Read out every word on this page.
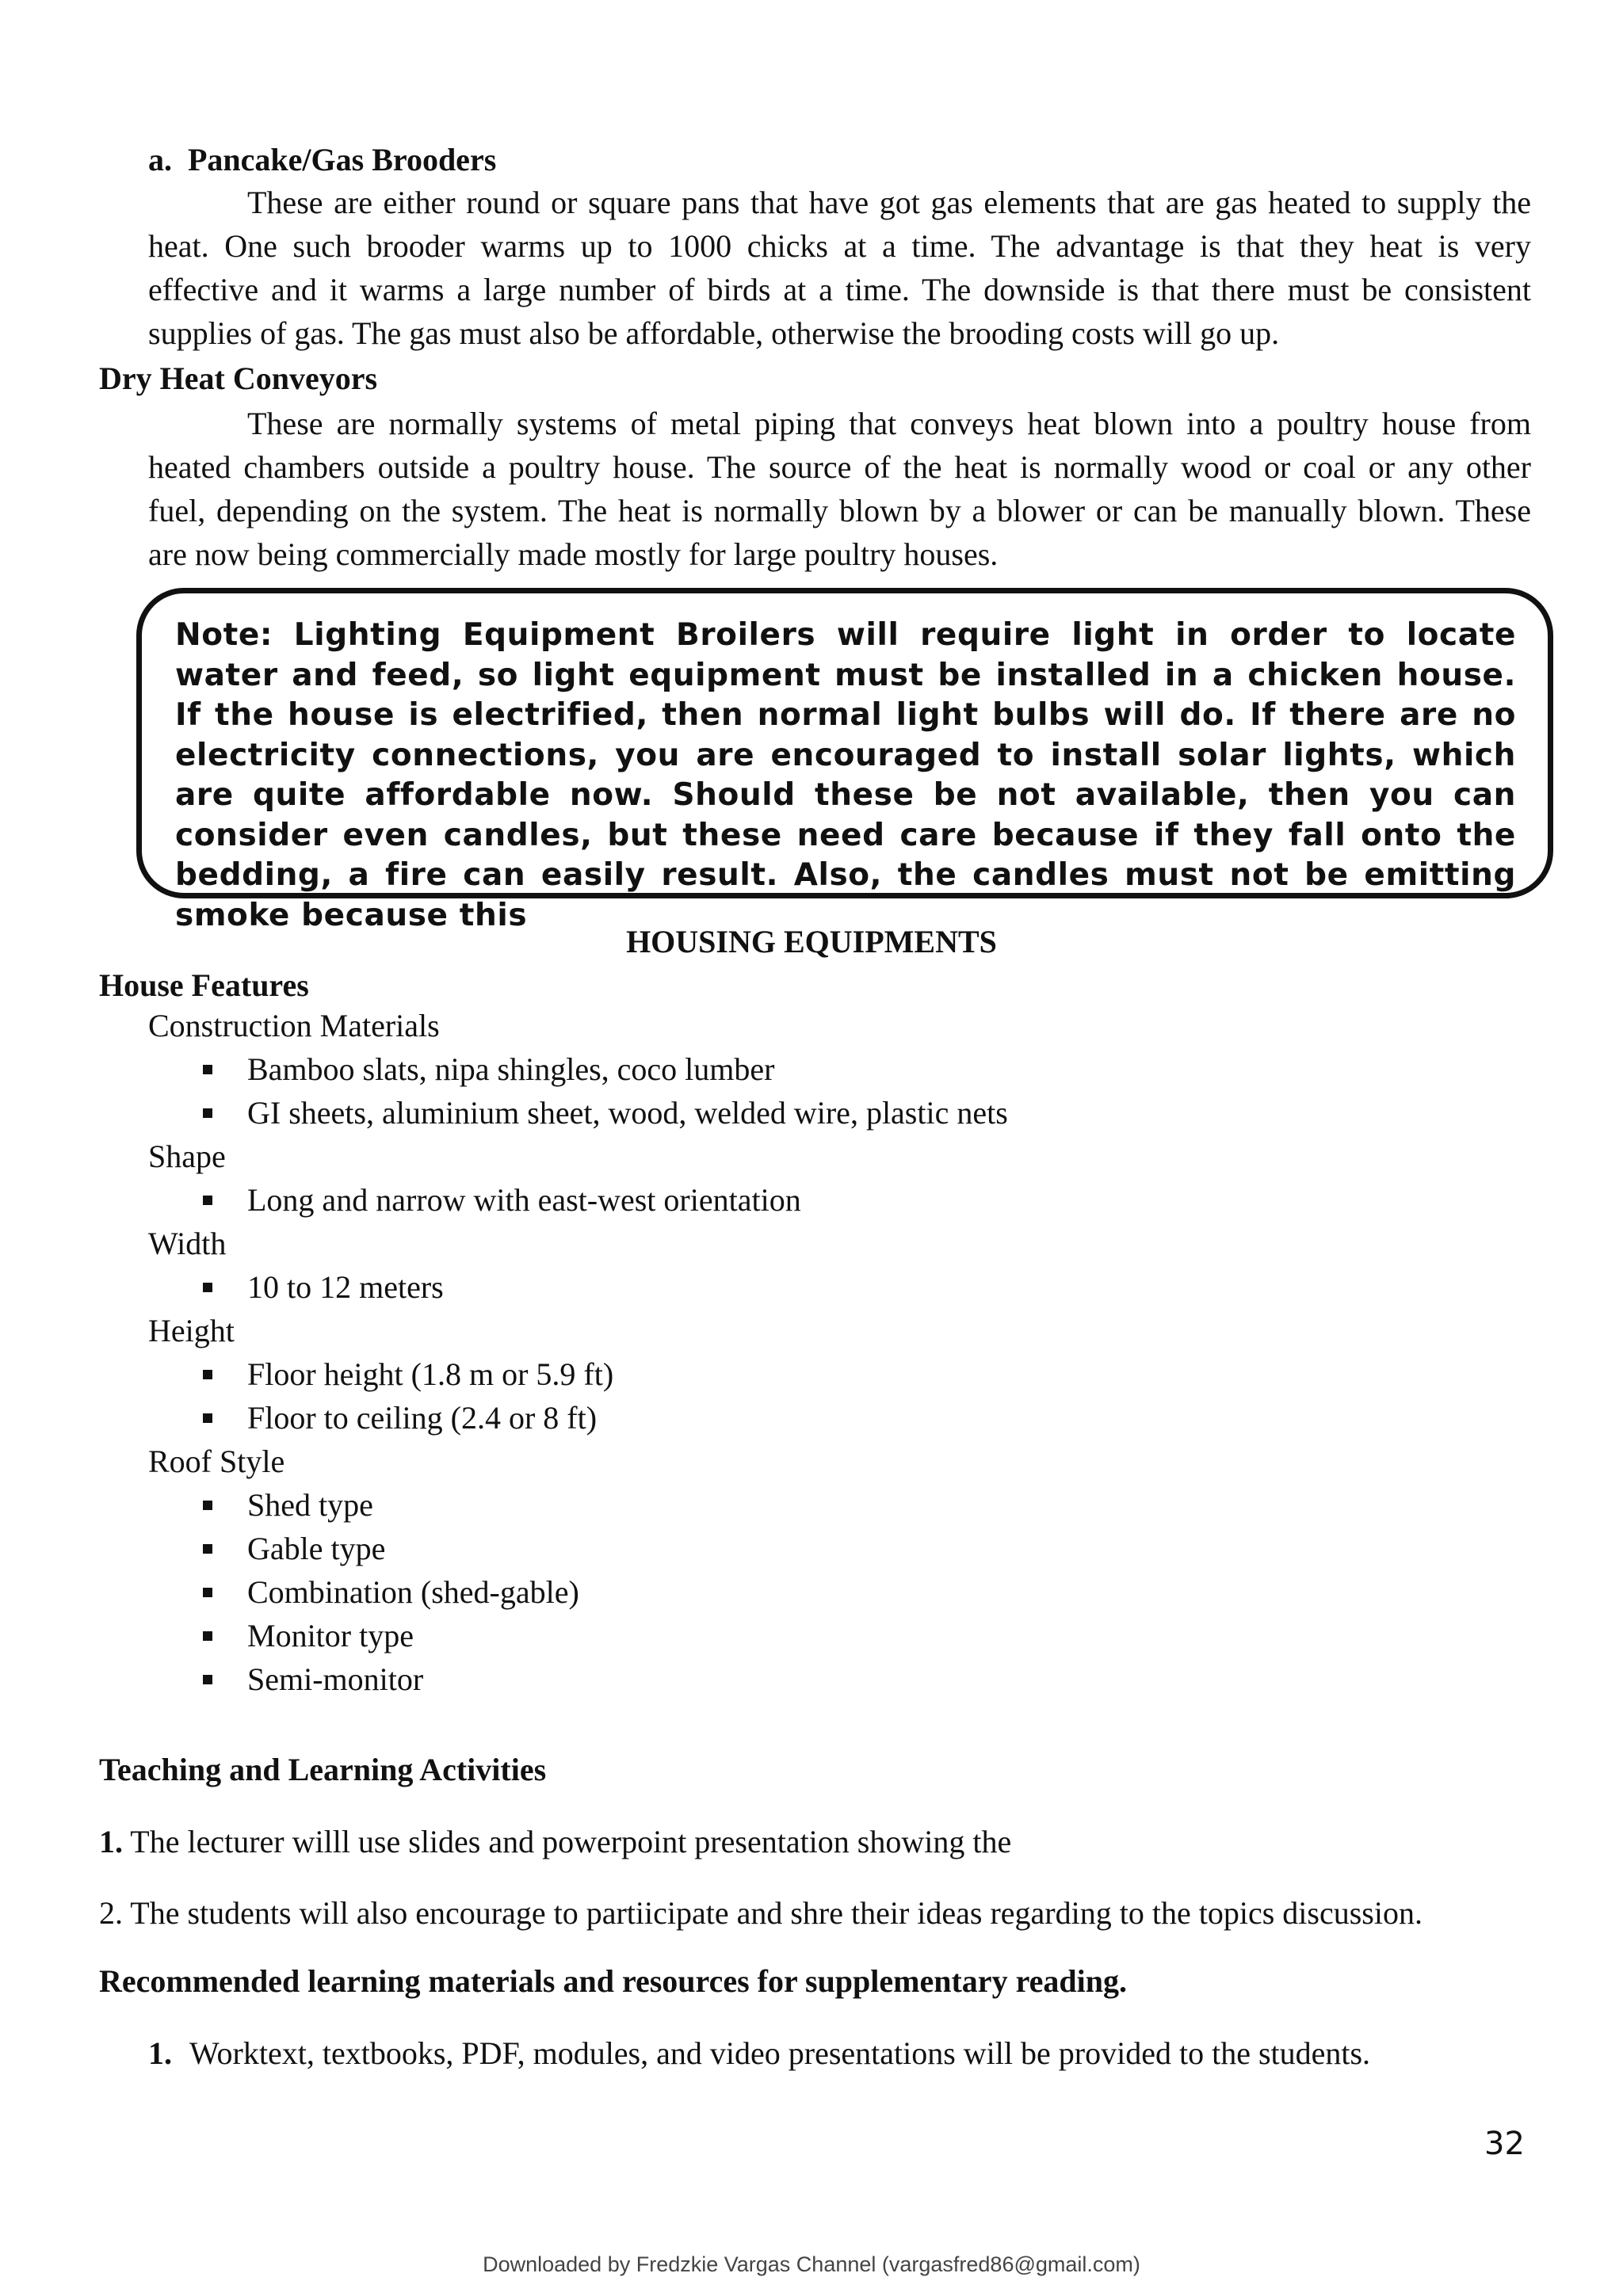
a.  Pancake/Gas Brooders

These are either round or square pans that have got gas elements that are gas heated to supply the
heat. One such brooder warms up to 1000 chicks at a time. The advantage is that they heat is very
effective and it warms a large number of birds at a time. The downside is that there must be consistent
supplies of gas. The gas must also be affordable, otherwise the brooding costs will go up.

Dry Heat Conveyors

These are normally systems of metal piping that conveys heat blown into a poultry house from
heated chambers outside a poultry house. The source of the heat is normally wood or coal or any other
fuel, depending on the system. The heat is normally blown by a blower or can be manually blown. These
are now being commercially made mostly for large poultry houses.

Note: Lighting Equipment Broilers will require light in order to locate water and feed, so light equipment must be installed in a chicken house. If the house is electrified, then normal light bulbs will do. If there are no electricity connections, you are encouraged to install solar lights, which are quite affordable now. Should these be not available, then you can consider even candles, but these need care because if they fall onto the bedding, a fire can easily result. Also, the candles must not be emitting smoke because this
HOUSING EQUIPMENTS

House Features

Construction Materials
Bamboo slats, nipa shingles, coco lumber
GI sheets, aluminium sheet, wood, welded wire, plastic nets
Shape
Long and narrow with east-west orientation
Width
10 to 12 meters
Height
Floor height (1.8 m or 5.9 ft)
Floor to ceiling (2.4 or 8 ft)
Roof Style
Shed type
Gable type
Combination (shed-gable)
Monitor type
Semi-monitor

Teaching and Learning Activities

1. The lecturer willl use slides and powerpoint presentation showing the
2. The students will also encourage to partiicipate and shre their ideas regarding to the topics discussion.

Recommended learning materials and resources for supplementary reading.

1. Worktext, textbooks, PDF, modules, and video presentations will be provided to the students.
32
Downloaded by Fredzkie Vargas Channel (vargasfred86@gmail.com)
